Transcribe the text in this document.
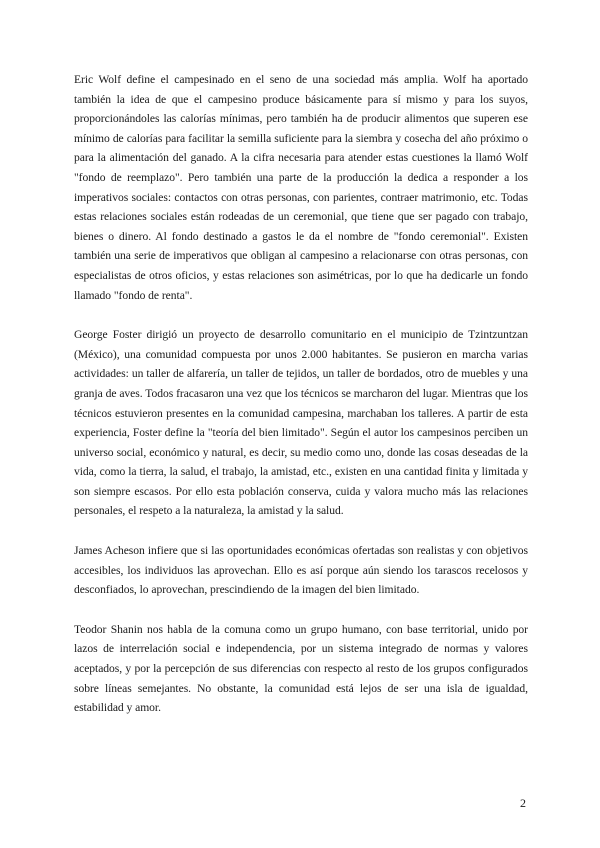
Eric Wolf define el campesinado en el seno de una sociedad más amplia. Wolf ha aportado también la idea de que el campesino produce básicamente para sí mismo y para los suyos, proporcionándoles las calorías mínimas, pero también ha de producir alimentos que superen ese mínimo de calorías para facilitar la semilla suficiente para la siembra y cosecha del año próximo o para la alimentación del ganado. A la cifra necesaria para atender estas cuestiones la llamó Wolf "fondo de reemplazo". Pero también una parte de la producción la dedica a responder a los imperativos sociales: contactos con otras personas, con parientes, contraer matrimonio, etc. Todas estas relaciones sociales están rodeadas de un ceremonial, que tiene que ser pagado con trabajo, bienes o dinero. Al fondo destinado a gastos le da el nombre de "fondo ceremonial". Existen también una serie de imperativos que obligan al campesino a relacionarse con otras personas, con especialistas de otros oficios, y estas relaciones son asimétricas, por lo que ha dedicarle un fondo llamado "fondo de renta".

George Foster dirigió un proyecto de desarrollo comunitario en el municipio de Tzintzuntzan (México), una comunidad compuesta por unos 2.000 habitantes. Se pusieron en marcha varias actividades: un taller de alfarería, un taller de tejidos, un taller de bordados, otro de muebles y una granja de aves. Todos fracasaron una vez que los técnicos se marcharon del lugar. Mientras que los técnicos estuvieron presentes en la comunidad campesina, marchaban los talleres. A partir de esta experiencia, Foster define la "teoría del bien limitado". Según el autor los campesinos perciben un universo social, económico y natural, es decir, su medio como uno, donde las cosas deseadas de la vida, como la tierra, la salud, el trabajo, la amistad, etc., existen en una cantidad finita y limitada y son siempre escasos. Por ello esta población conserva, cuida y valora mucho más las relaciones personales, el respeto a la naturaleza, la amistad y la salud.

James Acheson infiere que si las oportunidades económicas ofertadas son realistas y con objetivos accesibles, los individuos las aprovechan. Ello es así porque aún siendo los tarascos recelosos y desconfiados, lo aprovechan, prescindiendo de la imagen del bien limitado.

Teodor Shanin nos habla de la comuna como un grupo humano, con base territorial, unido por lazos de interrelación social e independencia, por un sistema integrado de normas y valores aceptados, y por la percepción de sus diferencias con respecto al resto de los grupos configurados sobre líneas semejantes. No obstante, la comunidad está lejos de ser una isla de igualdad, estabilidad y amor.

2
